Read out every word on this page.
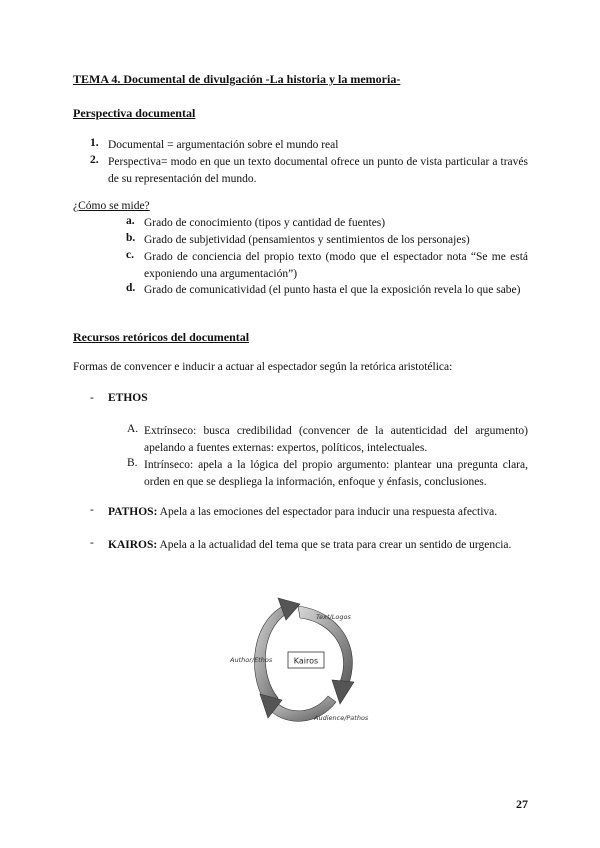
TEMA 4. Documental de divulgación -La historia y la memoria-
Perspectiva documental
1. Documental = argumentación sobre el mundo real
2. Perspectiva= modo en que un texto documental ofrece un punto de vista particular a través de su representación del mundo.
¿Cómo se mide?
a. Grado de conocimiento (tipos y cantidad de fuentes)
b. Grado de subjetividad (pensamientos y sentimientos de los personajes)
c. Grado de conciencia del propio texto (modo que el espectador nota “Se me está exponiendo una argumentación”)
d. Grado de comunicatividad (el punto hasta el que la exposición revela lo que sabe)
Recursos retóricos del documental
Formas de convencer e inducir a actuar al espectador según la retórica aristotélica:
- ETHOS
A. Extrínseco: busca credibilidad (convencer de la autenticidad del argumento) apelando a fuentes externas: expertos, políticos, intelectuales.
B. Intrínseco: apela a la lógica del propio argumento: plantear una pregunta clara, orden en que se despliega la información, enfoque y énfasis, conclusiones.
- PATHOS: Apela a las emociones del espectador para inducir una respuesta afectiva.
- KAIROS: Apela a la actualidad del tema que se trata para crear un sentido de urgencia.
Kairos
Text/Logos
Author/Ethos
Audience/Pathos
27
